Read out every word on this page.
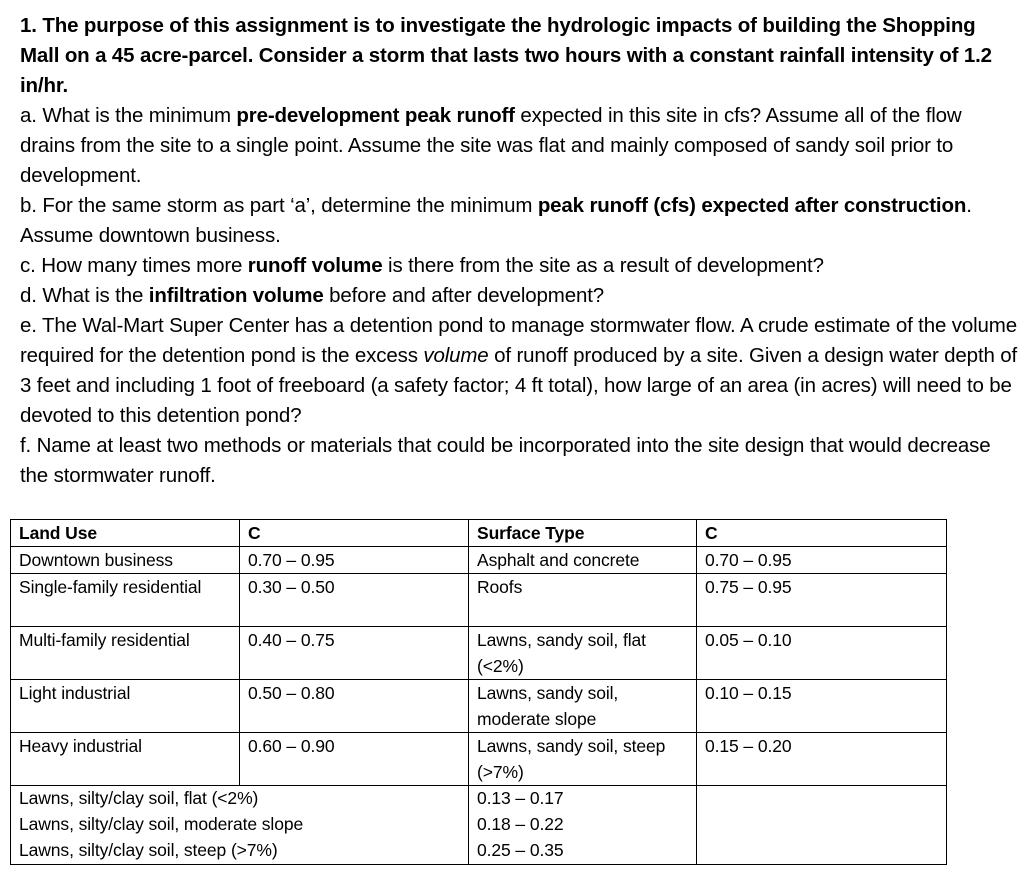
1. The purpose of this assignment is to investigate the hydrologic impacts of building the Shopping Mall on a 45 acre-parcel. Consider a storm that lasts two hours with a constant rainfall intensity of 1.2 in/hr.

a. What is the minimum pre-development peak runoff expected in this site in cfs? Assume all of the flow drains from the site to a single point. Assume the site was flat and mainly composed of sandy soil prior to development.

b. For the same storm as part ‘a’, determine the minimum peak runoff (cfs) expected after construction. Assume downtown business.

c. How many times more runoff volume is there from the site as a result of development?

d. What is the infiltration volume before and after development?

e. The Wal-Mart Super Center has a detention pond to manage stormwater flow. A crude estimate of the volume required for the detention pond is the excess volume of runoff produced by a site. Given a design water depth of 3 feet and including 1 foot of freeboard (a safety factor; 4 ft total), how large of an area (in acres) will need to be devoted to this detention pond?

f. Name at least two methods or materials that could be incorporated into the site design that would decrease the stormwater runoff.

Land Use	C	Surface Type	C
Downtown business	0.70 – 0.95	Asphalt and concrete	0.70 – 0.95
Single-family residential	0.30 – 0.50	Roofs	0.75 – 0.95
Multi-family residential	0.40 – 0.75	Lawns, sandy soil, flat (<2%)	0.05 – 0.10
Light industrial	0.50 – 0.80	Lawns, sandy soil, moderate slope	0.10 – 0.15
Heavy industrial	0.60 – 0.90	Lawns, sandy soil, steep (>7%)	0.15 – 0.20
Lawns, silty/clay soil, flat (<2%)		0.13 – 0.17	
Lawns, silty/clay soil, moderate slope		0.18 – 0.22	
Lawns, silty/clay soil, steep (>7%)		0.25 – 0.35	
